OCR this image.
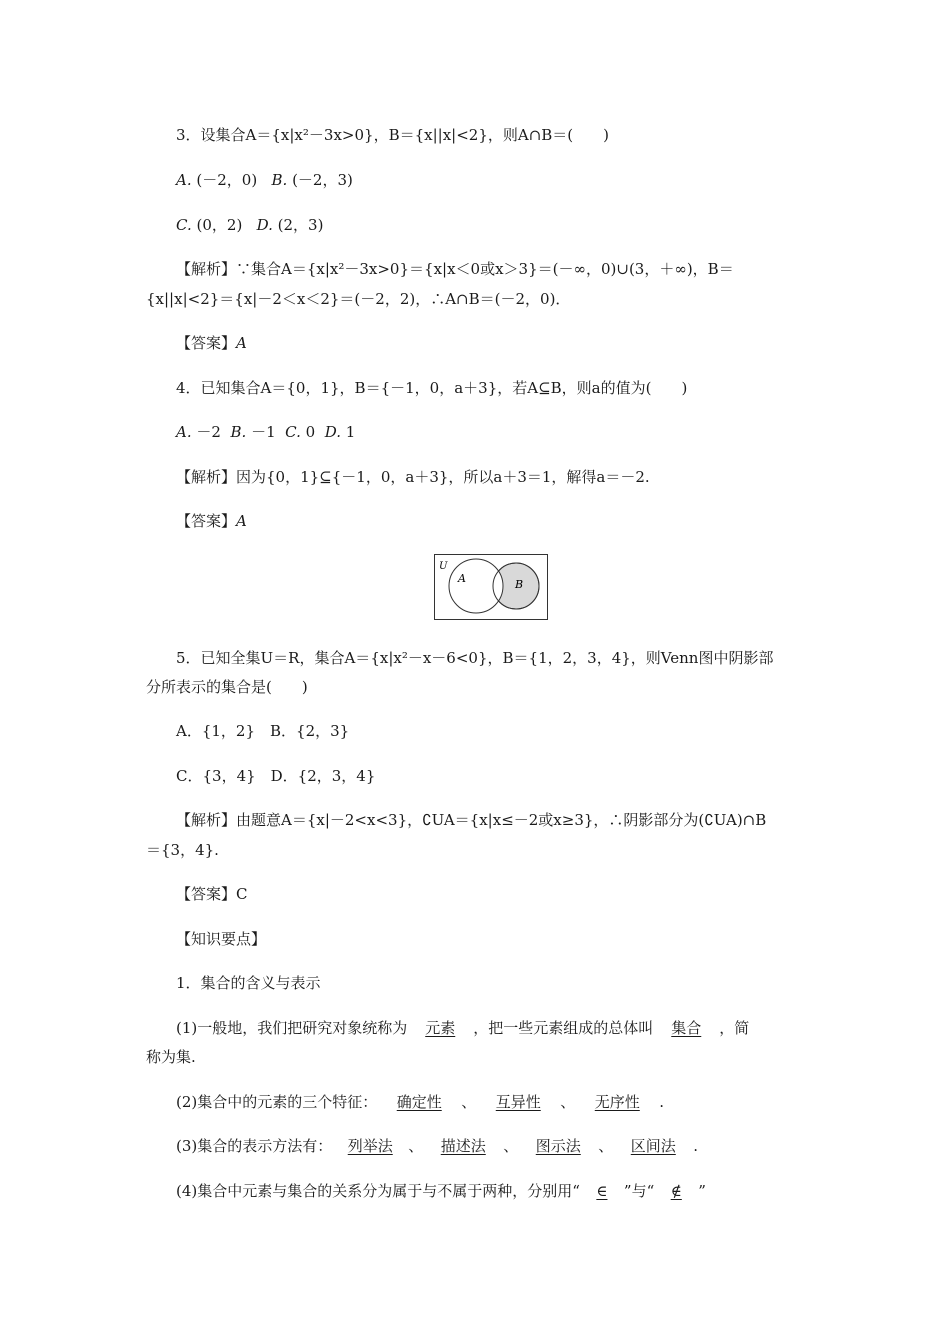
3．设集合A＝{x|x²－3x>0}，B＝{x||x|<2}，则A∩B＝(　　)
A. (－2，0) B. (－2，3)
C. (0，2) D. (2，3)
【解析】∵集合A＝{x|x²－3x>0}＝{x|x＜0或x＞3}＝(－∞，0)∪(3，＋∞)，B＝
{x||x|<2}＝{x|－2＜x＜2}＝(－2，2)，∴A∩B＝(－2，0)．
【答案】A
4．已知集合A＝{0，1}，B＝{－1，0，a＋3}，若A⊆B，则a的值为(　　)
A. －2 B. －1 C. 0 D. 1
【解析】因为{0，1}⊆{－1，0，a＋3}，所以a＋3＝1，解得a＝－2.
【答案】A
U
A	B
5．已知全集U＝R，集合A＝{x|x²－x－6<0}，B＝{1，2，3，4}，则Venn图中阴影部
分所表示的集合是(　　)
A．{1，2}　B．{2，3}
C．{3，4}　D．{2，3，4}
【解析】由题意A＝{x|－2<x<3}，∁UA＝{x|x≤－2或x≥3}，∴阴影部分为(∁UA)∩B
＝{3，4}.
【答案】C
【知识要点】
1．集合的含义与表示
(1)一般地，我们把研究对象统称为 元素 ，把一些元素组成的总体叫 集合 ，简
称为集.
(2)集合中的元素的三个特征： 确定性 、 互异性 、 无序性 .
(3)集合的表示方法有： 列举法 、 描述法 、 图示法 、 区间法 .
(4)集合中元素与集合的关系分为属于与不属于两种，分别用“ ∈ ”与“ ∉ ”
